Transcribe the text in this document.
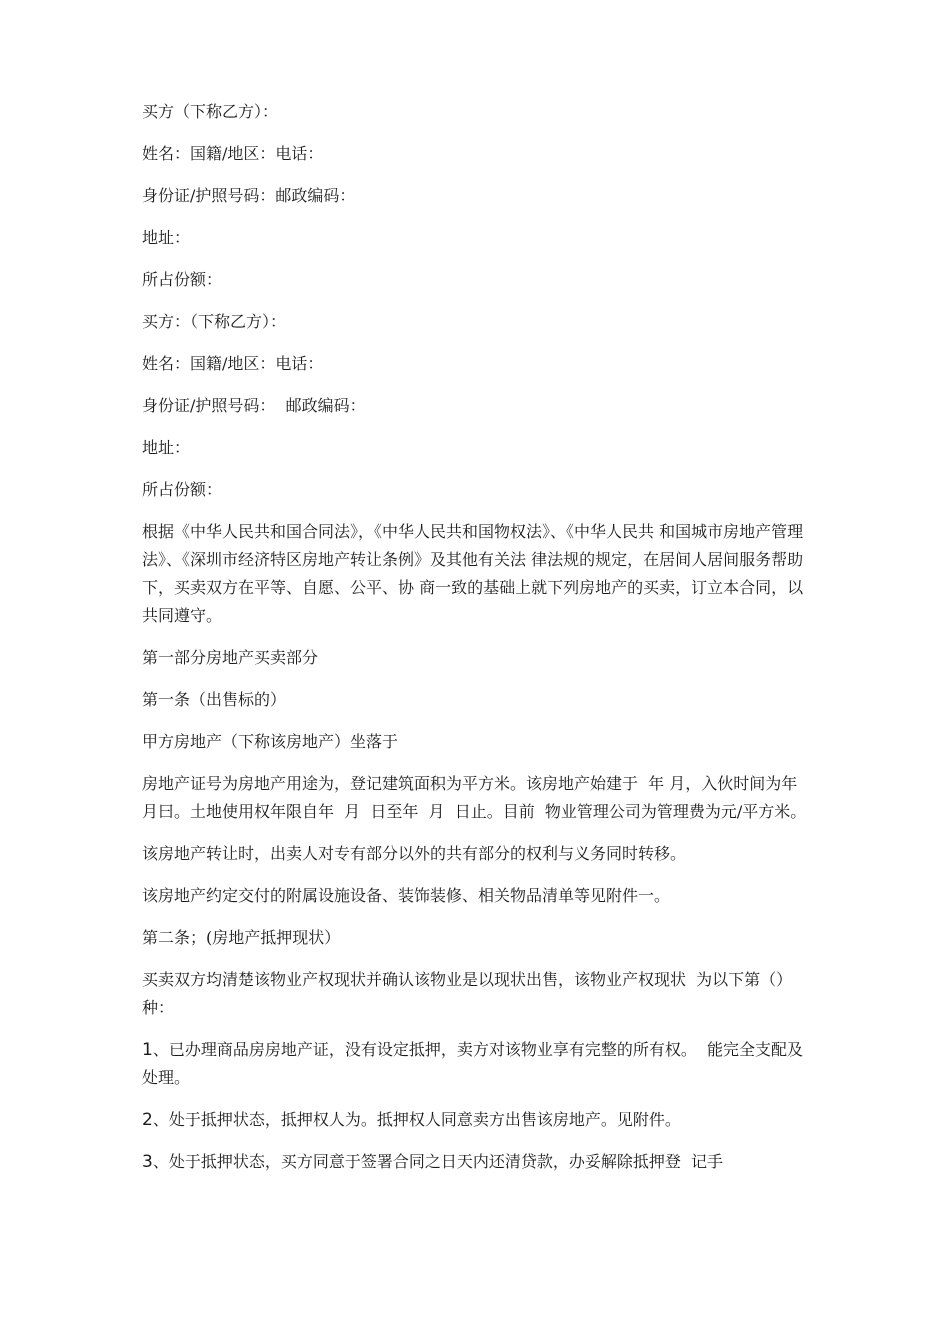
买方（下称乙方）：

姓名：国籍/地区：电话：

身份证/护照号码：邮政编码：

地址：

所占份额：

买方：（下称乙方）：

姓名：国籍/地区：电话：

身份证/护照号码：  邮政编码：

地址：

所占份额：

根据《中华人民共和国合同法》，《中华人民共和国物权法》、《中华人民共 和国城市房地产管理法》、《深圳市经济特区房地产转让条例》及其他有关法 律法规的规定，在居间人居间服务帮助下，买卖双方在平等、自愿、公平、协 商一致的基础上就下列房地产的买卖，订立本合同，以共同遵守。

第一部分房地产买卖部分

第一条（出售标的）

甲方房地产（下称该房地产）坐落于

房地产证号为房地产用途为，登记建筑面积为平方米。该房地产始建于  年 月，入伙时间为年  月曰。土地使用权年限自年  月  日至年  月  日止。目前  物业管理公司为管理费为元/平方米。

该房地产转让时，出卖人对专有部分以外的共有部分的权利与义务同时转移。

该房地产约定交付的附属设施设备、装饰装修、相关物品清单等见附件一。

第二条；(房地产抵押现状）

买卖双方均清楚该物业产权现状并确认该物业是以现状出售，该物业产权现状  为以下第（）种：

1、已办理商品房房地产证，没有设定抵押，卖方对该物业享有完整的所有权。  能完全支配及处理。

2、处于抵押状态，抵押权人为。抵押权人同意卖方出售该房地产。见附件。

3、处于抵押状态，买方同意于签署合同之日天内还清贷款，办妥解除抵押登  记手
